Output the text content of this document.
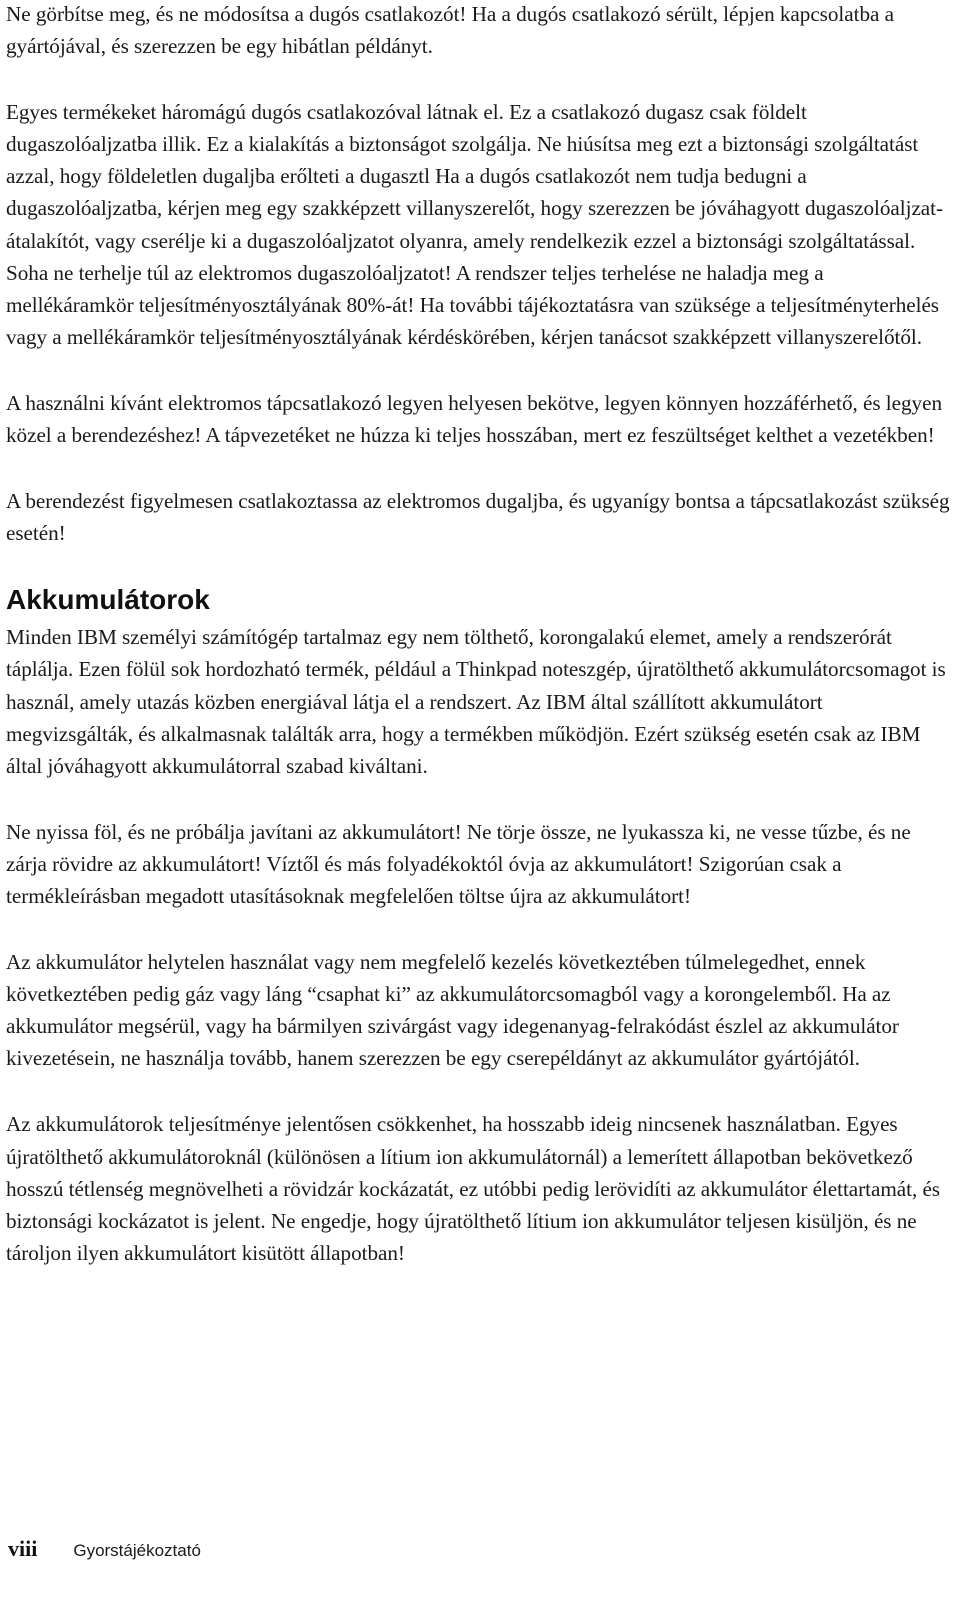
Ne görbítse meg, és ne módosítsa a dugós csatlakozót! Ha a dugós csatlakozó sérült, lépjen kapcsolatba a gyártójával, és szerezzen be egy hibátlan példányt.

Egyes termékeket háromágú dugós csatlakozóval látnak el. Ez a csatlakozó dugasz csak földelt dugaszolóaljzatba illik. Ez a kialakítás a biztonságot szolgálja. Ne hiúsítsa meg ezt a biztonsági szolgáltatást azzal, hogy földeletlen dugaljba erőlteti a dugasztl Ha a dugós csatlakozót nem tudja bedugni a dugaszolóaljzatba, kérjen meg egy szakképzett villanyszerelőt, hogy szerezzen be jóváhagyott dugaszolóaljzat-átalakítót, vagy cserélje ki a dugaszolóaljzatot olyanra, amely rendelkezik ezzel a biztonsági szolgáltatással. Soha ne terhelje túl az elektromos dugaszolóaljzatot! A rendszer teljes terhelése ne haladja meg a mellékáramkör teljesítményosztályának 80%-át! Ha további tájékoztatásra van szüksége a teljesítményterhelés vagy a mellékáramkör teljesítményosztályának kérdéskörében, kérjen tanácsot szakképzett villanyszerelőtől.

A használni kívánt elektromos tápcsatlakozó legyen helyesen bekötve, legyen könnyen hozzáférhető, és legyen közel a berendezéshez! A tápvezetéket ne húzza ki teljes hosszában, mert ez feszültséget kelthet a vezetékben!

A berendezést figyelmesen csatlakoztassa az elektromos dugaljba, és ugyanígy bontsa a tápcsatlakozást szükség esetén!

Akkumulátorok

Minden IBM személyi számítógép tartalmaz egy nem tölthető, korongalakú elemet, amely a rendszerórát táplálja. Ezen fölül sok hordozható termék, például a Thinkpad noteszgép, újratölthető akkumulátorcsomagot is használ, amely utazás közben energiával látja el a rendszert. Az IBM által szállított akkumulátort megvizsgálták, és alkalmasnak találták arra, hogy a termékben működjön. Ezért szükség esetén csak az IBM által jóváhagyott akkumulátorral szabad kiváltani.

Ne nyissa föl, és ne próbálja javítani az akkumulátort! Ne törje össze, ne lyukassza ki, ne vesse tűzbe, és ne zárja rövidre az akkumulátort! Víztől és más folyadékoktól óvja az akkumulátort! Szigorúan csak a termékleírásban megadott utasításoknak megfelelően töltse újra az akkumulátort!

Az akkumulátor helytelen használat vagy nem megfelelő kezelés következtében túlmelegedhet, ennek következtében pedig gáz vagy láng “csaphat ki” az akkumulátorcsomagból vagy a korongelemből. Ha az akkumulátor megsérül, vagy ha bármilyen szivárgást vagy idegenanyag-felrakódást észlel az akkumulátor kivezetésein, ne használja tovább, hanem szerezzen be egy cserepéldányt az akkumulátor gyártójától.

Az akkumulátorok teljesítménye jelentősen csökkenhet, ha hosszabb ideig nincsenek használatban. Egyes újratölthető akkumulátoroknál (különösen a lítium ion akkumulátornál) a lemerített állapotban bekövetkező hosszú tétlenség megnövelheti a rövidzár kockázatát, ez utóbbi pedig lerövidíti az akkumulátor élettartamát, és biztonsági kockázatot is jelent. Ne engedje, hogy újratölthető lítium ion akkumulátor teljesen kisüljön, és ne tároljon ilyen akkumulátort kisütött állapotban!

viii Gyorstájékoztató
